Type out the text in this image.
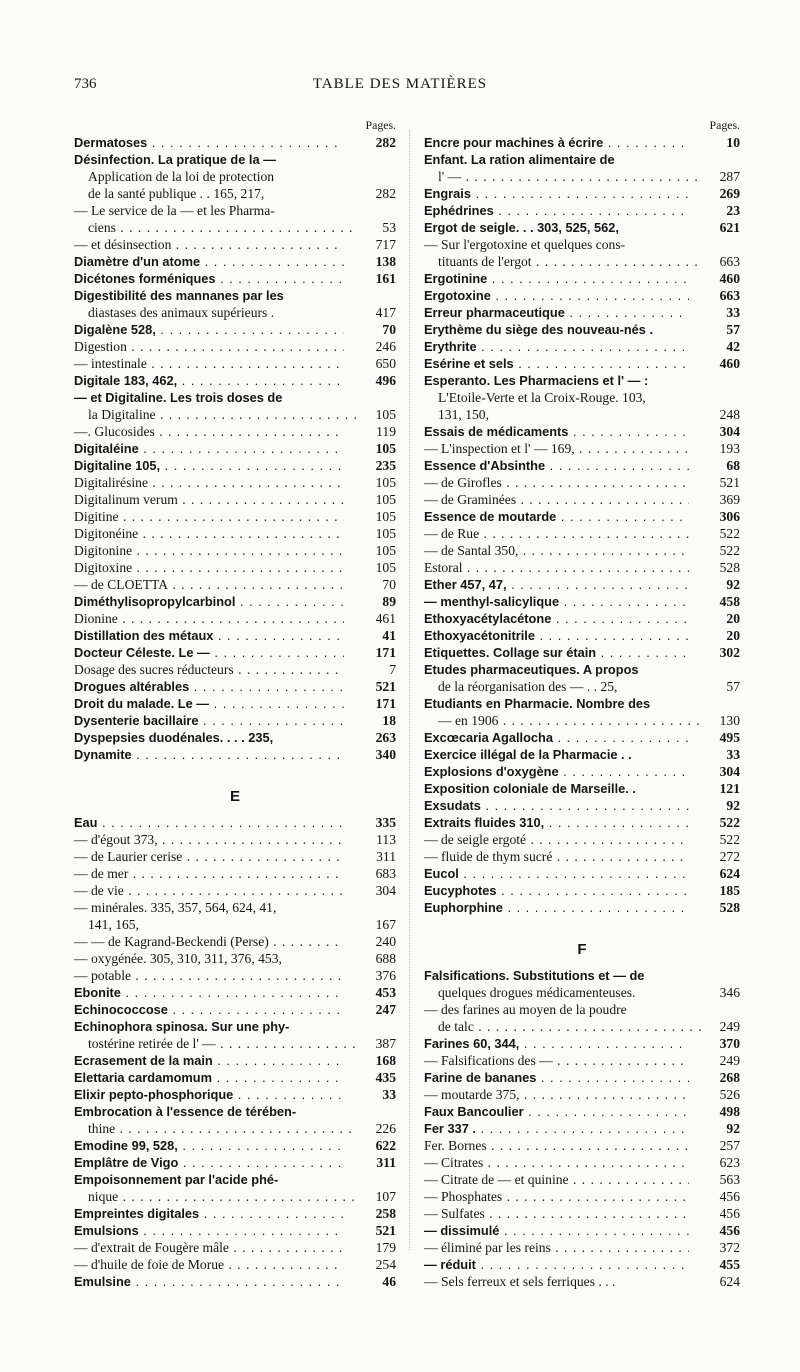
736	TABLE DES MATIÈRES
Pages.
Dermatoses . . .	282
Désinfection. La pratique de la —
Application de la loi de protection
de la santé publique . . 165, 217,	282
— Le service de la — et les Pharma-
ciens . . .	53
— et désinsection . . .	717
Diamètre d'un atome . . .	138
Dicétones forméniques . . .	161
Digestibilité des mannanes par les
diastases des animaux supérieurs .	417
Digalène 528, . . .	70
Digestion . . .	246
— intestinale . . .	650
Digitale 183, 462, . . .	496
— et Digitaline. Les trois doses de
la Digitaline . . .	105
—. Glucosides . . .	119
Digitaléine . . .	105
Digitaline 105, . . .	235
Digitalirésine . . .	105
Digitalinum verum . . .	105
Digitine . . .	105
Digitonéine . . .	105
Digitonine . . .	105
Digitoxine . . .	105
— de CLOETTA . . .	70
Diméthylisopropylcarbinol . . .	89
Dionine . . .	461
Distillation des métaux . . .	41
Docteur Céleste. Le — . . .	171
Dosage des sucres réducteurs . . .	7
Drogues altérables . . .	521
Droit du malade. Le — . . .	171
Dysenterie bacillaire . . .	18
Dyspepsies duodénales. . . . 235,	263
Dynamite . . .	340
E
Eau . . .	335
— d'égout 373, . . .	113
— de Laurier cerise . . .	311
— de mer . . .	683
— de vie . . .	304
— minérales. 335, 357, 564, 624, 41,
141, 165,	167
— — de Kagrand-Beckendi (Perse) . . .	240
— oxygénée. 305, 310, 311, 376, 453,	688
— potable . . .	376
Ebonite . . .	453
Echinococcose . . .	247
Echinophora spinosa. Sur une phy-
tostérine retirée de l' — . . .	387
Ecrasement de la main . . .	168
Elettaria cardamomum . . .	435
Elixir pepto-phosphorique . . .	33
Embrocation à l'essence de térében-
thine . . .	226
Emodine 99, 528, . . .	622
Emplâtre de Vigo . . .	311
Empoisonnement par l'acide phé-
nique . . .	107
Empreintes digitales . . .	258
Emulsions . . .	521
— d'extrait de Fougère mâle . . .	179
— d'huile de foie de Morue . . .	254
Emulsine . . .	46
Pages.
Encre pour machines à écrire . . .	10
Enfant. La ration alimentaire de
l' — . . .	287
Engrais . . .	269
Ephédrines . . .	23
Ergot de seigle. . . 303, 525, 562,	621
— Sur l'ergotoxine et quelques cons-
tituants de l'ergot . . .	663
Ergotinine . . .	460
Ergotoxine . . .	663
Erreur pharmaceutique . . .	33
Erythème du siège des nouveau-nés .	57
Erythrite . . .	42
Esérine et sels . . .	460
Esperanto. Les Pharmaciens et l' — :
L'Etoile-Verte et la Croix-Rouge. 103,
131, 150,	248
Essais de médicaments . . .	304
— L'inspection et l' — 169, . . .	193
Essence d'Absinthe . . .	68
— de Girofles . . .	521
— de Graminées . . .	369
Essence de moutarde . . .	306
— de Rue . . .	522
— de Santal 350, . . .	522
Estoral . . .	528
Ether 457, 47, . . .	92
— menthyl-salicylique . . .	458
Ethoxyacétylacétone . . .	20
Ethoxyacétonitrile . . .	20
Etiquettes. Collage sur étain . . .	302
Etudes pharmaceutiques. A propos
de la réorganisation des — . . 25,	57
Etudiants en Pharmacie. Nombre des
— en 1906 . . .	130
Excœcaria Agallocha . . .	495
Exercice illégal de la Pharmacie . .	33
Explosions d'oxygène . . .	304
Exposition coloniale de Marseille. .	121
Exsudats . . .	92
Extraits fluides 310, . . .	522
— de seigle ergoté . . .	522
— fluide de thym sucré . . .	272
Eucol . . .	624
Eucyphotes . . .	185
Euphorphine . . .	528
F
Falsifications. Substitutions et — de
quelques drogues médicamenteuses.	346
— des farines au moyen de la poudre
de talc . . .	249
Farines 60, 344, . . .	370
— Falsifications des — . . .	249
Farine de bananes . . .	268
— moutarde 375, . . .	526
Faux Bancoulier . . .	498
Fer 337 . . . .	92
Fer. Bornes . . .	257
— Citrates . . .	623
— Citrate de — et quinine . . .	563
— Phosphates . . .	456
— Sulfates . . .	456
— dissimulé . . .	456
— éliminé par les reins . . .	372
— réduit . . .	455
— Sels ferreux et sels ferriques . . .	624
